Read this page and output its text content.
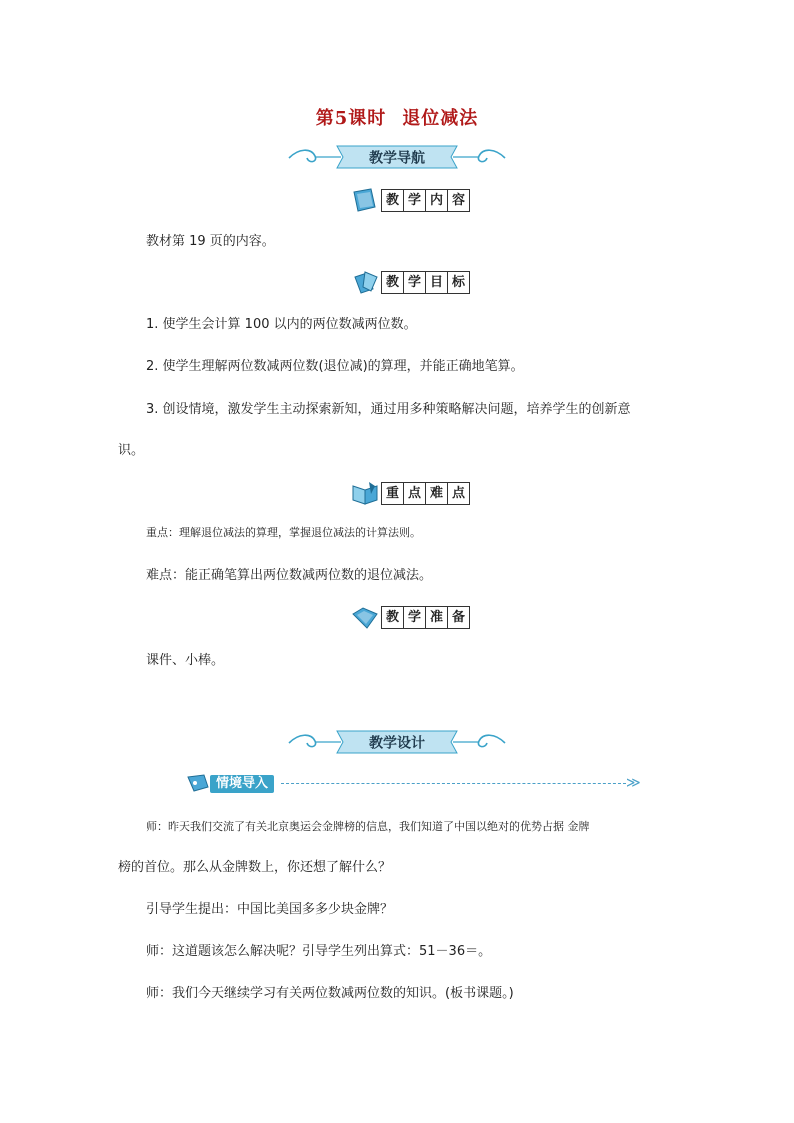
第5课时 退位减法
教学导航
教 学 内 容
教材第 19 页的内容。
教 学 目 标
1. 使学生会计算 100 以内的两位数减两位数。
2. 使学生理解两位数减两位数(退位减)的算理，并能正确地笔算。
3. 创设情境，激发学生主动探索新知，通过用多种策略解决问题，培养学生的创新意
识。
重 点 难 点
重点：理解退位减法的算理，掌握退位减法的计算法则。
难点：能正确笔算出两位数减两位数的退位减法。
教 学 准 备
课件、小棒。
教学设计
情境导入	≫
师：昨天我们交流了有关北京奥运会金牌榜的信息，我们知道了中国以绝对的优势占据 金牌
榜的首位。那么从金牌数上，你还想了解什么？
引导学生提出：中国比美国多多少块金牌？
师：这道题该怎么解决呢？引导学生列出算式：51－36＝。
师：我们今天继续学习有关两位数减两位数的知识。(板书课题。)
